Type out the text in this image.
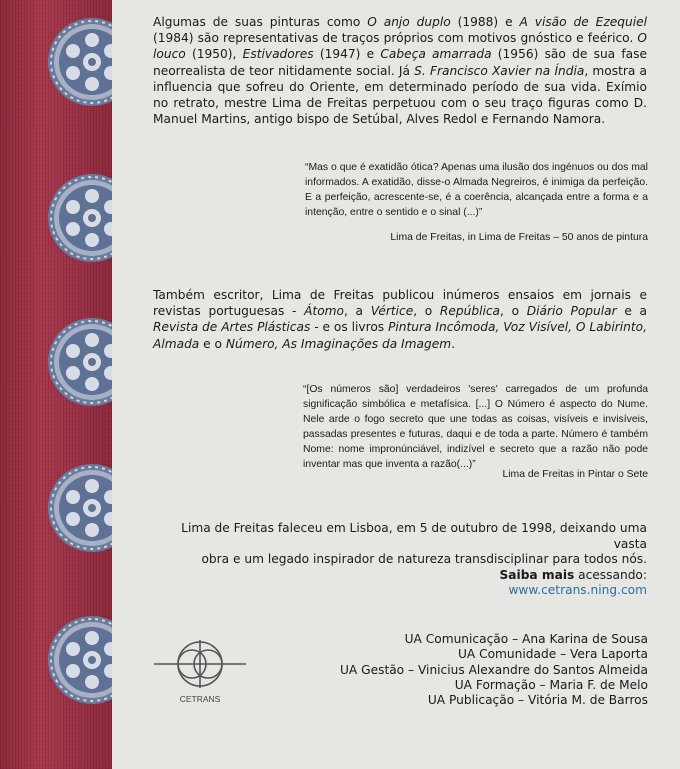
Algumas de suas pinturas como O anjo duplo (1988) e A visão de Ezequiel (1984) são representativas de traços próprios com motivos gnóstico e feérico. O louco (1950), Estivadores (1947) e Cabeça amarrada (1956) são de sua fase neorrealista de teor nitidamente social. Já S. Francisco Xavier na Índia, mostra a influencia que sofreu do Oriente, em determinado período de sua vida. Exímio no retrato, mestre Lima de Freitas perpetuou com o seu traço figuras como D. Manuel Martins, antigo bispo de Setúbal, Alves Redol e Fernando Namora.

“Mas o que é exatidão ótica? Apenas uma ilusão dos ingénuos ou dos mal informados. A exatidão, disse-o Almada Negreiros, é inimiga da perfeição. E a perfeição, acrescente-se, é a coerência, alcançada entre a forma e a intenção, entre o sentido e o sinal (...)”

Lima de Freitas, in Lima de Freitas – 50 anos de pintura

Também escritor, Lima de Freitas publicou inúmeros ensaios em jornais e revistas portuguesas - Átomo, a Vértice, o República, o Diário Popular e a Revista de Artes Plásticas - e os livros Pintura Incômoda, Voz Visível, O Labirinto, Almada e o Número, As Imaginações da Imagem.

“[Os números são] verdadeiros 'seres' carregados de um profunda significação simbólica e metafísica. [...] O Número é aspecto do Nume. Nele arde o fogo secreto que une todas as coisas, visíveis e invisíveis, passadas presentes e futuras, daqui e de toda a parte. Número é também Nome: nome impronúnciável, indizível e secreto que a razão não pode inventar mas que inventa a razão(...)”

Lima de Freitas in Pintar o Sete

Lima de Freitas faleceu em Lisboa, em 5 de outubro de 1998, deixando uma vasta
obra e um legado inspirador de natureza transdisciplinar para todos nós.
Saiba mais acessando:
www.cetrans.ning.com
CETRANS
UA Comunicação – Ana Karina de Sousa
UA Comunidade – Vera Laporta
UA Gestão – Vinicius Alexandre do Santos Almeida
UA Formação – Maria F. de Melo
UA Publicação – Vitória M. de Barros
